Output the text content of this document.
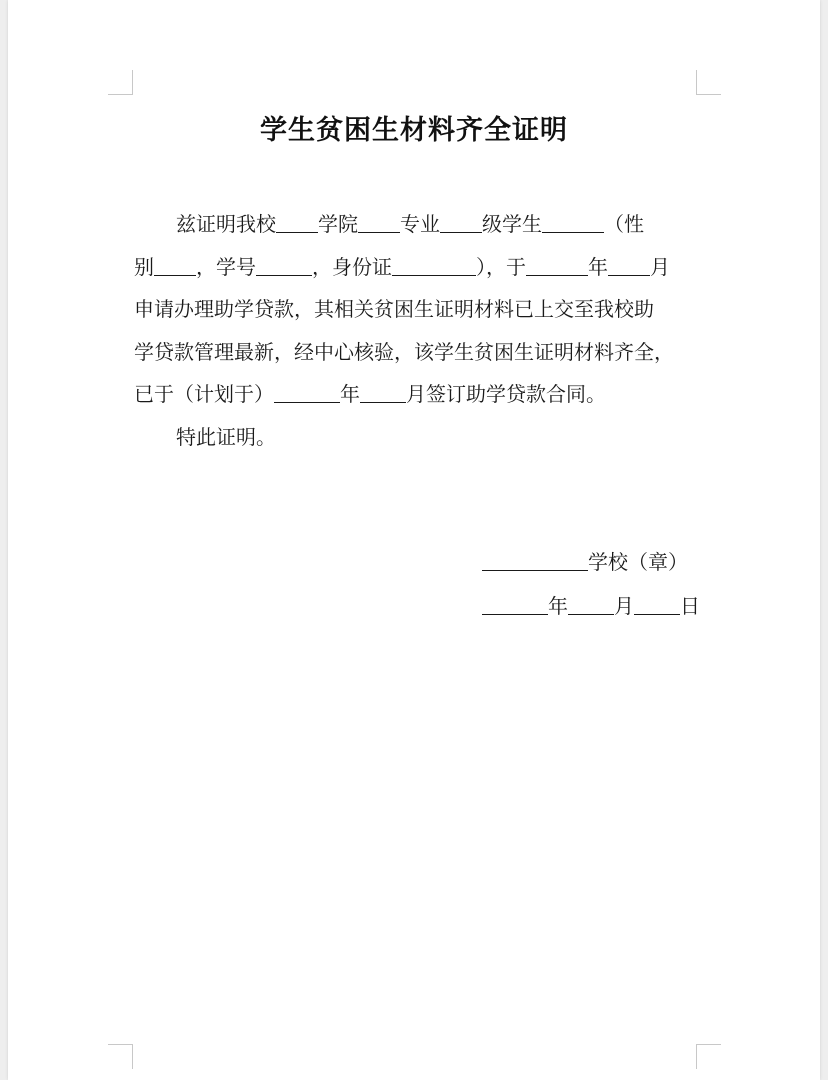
学生贫困生材料齐全证明
兹证明我校 学院 专业 级学生	（性
别 ，学号	，身份证	），于	年 月
申请办理助学贷款，其相关贫困生证明材料已上交至我校助
学贷款管理最新，经中心核验，该学生贫困生证明材料齐全，
已于（计划于）	年 月签订助学贷款合同。
特此证明。
学校（章）
年 月 日
